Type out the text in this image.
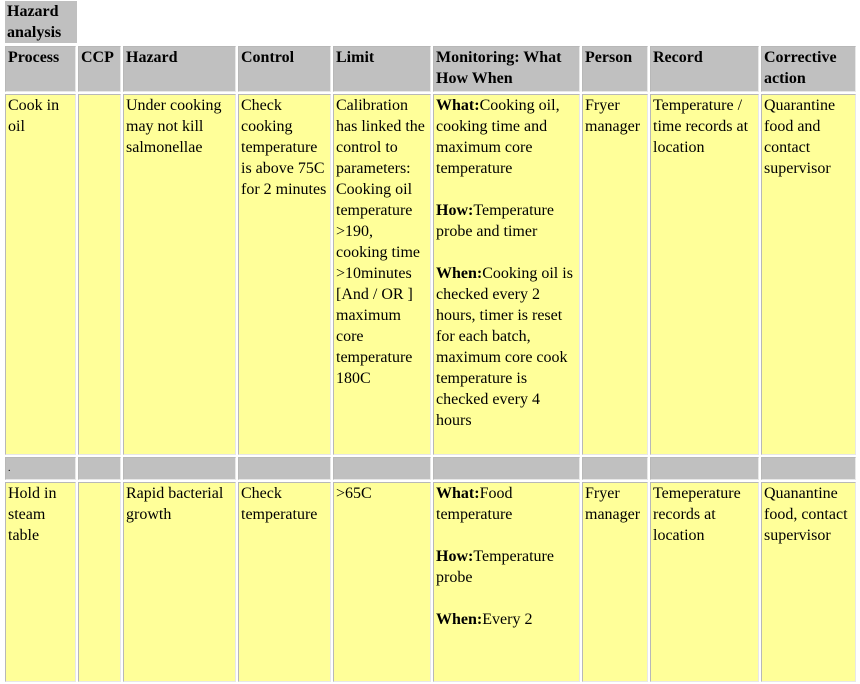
Hazard analysis
Process	CCP	Hazard	Control	Limit	Monitoring: What How When	Person	Record	Corrective action
Cook in oil		Under cooking may not kill salmonellae	Check cooking temperature is above 75C for 2 minutes	Calibration has linked the control to parameters: Cooking oil temperature >190, cooking time >10minutes [And / OR ] maximum core temperature 180C	What:Cooking oil, cooking time and maximum core temperature

How:Temperature probe and timer

When:Cooking oil is checked every 2 hours, timer is reset for each batch, maximum core cook temperature is checked every 4 hours	Fryer manager	Temperature / time records at location	Quarantine food and contact supervisor
.								
Hold in steam table		Rapid bacterial growth	Check temperature	>65C	What:Food temperature

How:Temperature probe

When:Every 2	Fryer manager	Temeperature records at location	Quanantine food, contact supervisor
